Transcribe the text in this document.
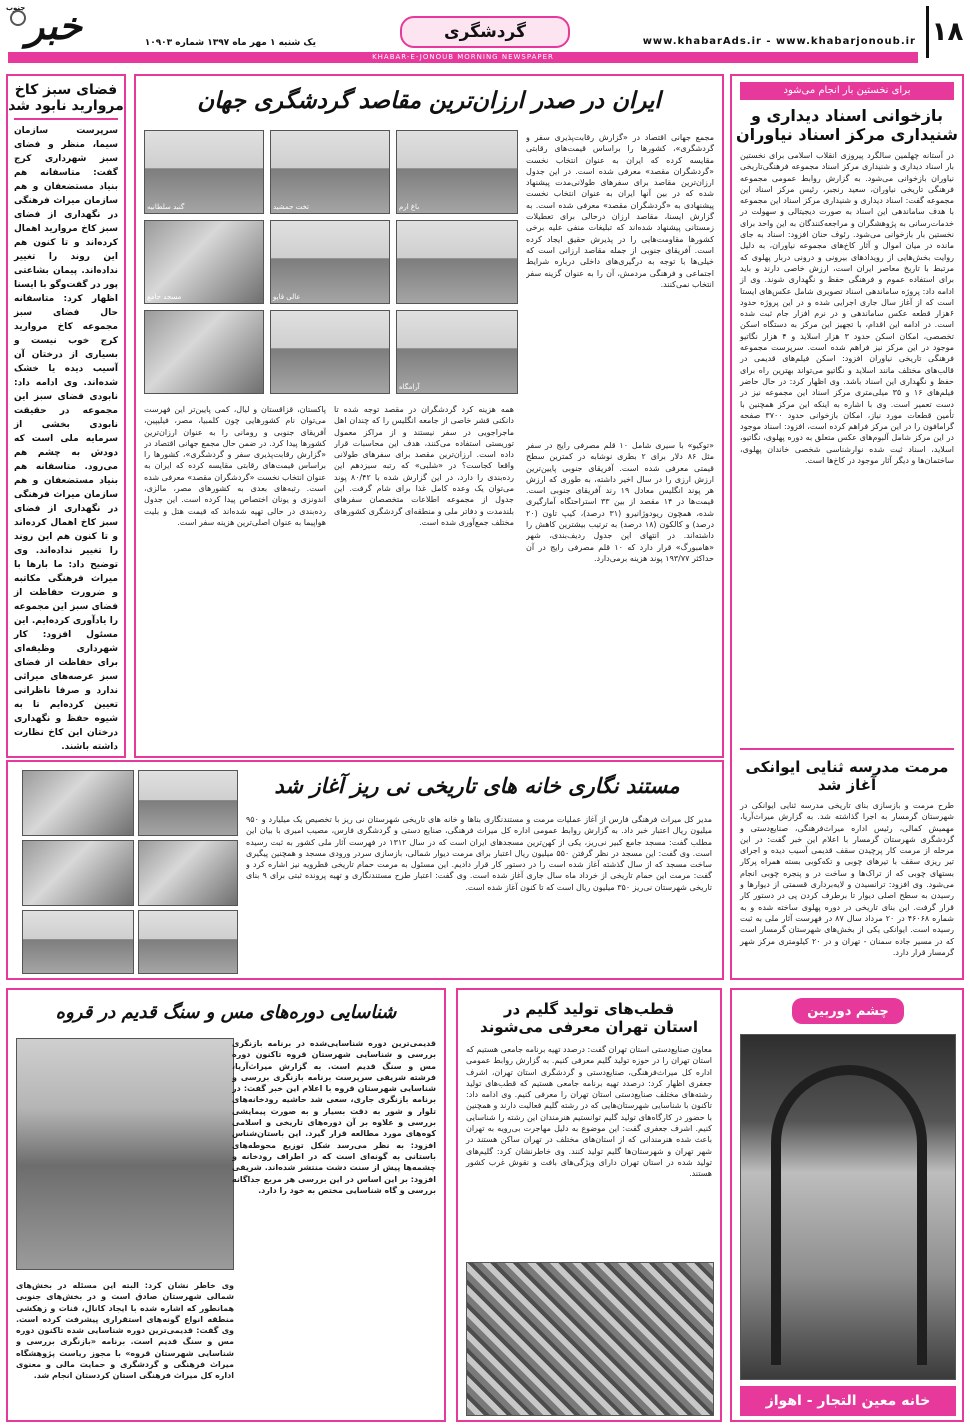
۱۸
www.khabarAds.ir - www.khabarjonoub.ir
گردشگری
KHABAR-E-JONOUB MORNING NEWSPAPER
یک شنبه ۱ مهر ماه ۱۳۹۷ شماره ۱۰۹۰۳
خبر
جنوب
فضای سبز کاخ
مروارید نابود شد
سرپرست سازمان سیما، منظر و فضای سبز شهرداری کرج گفت: متاسفانه هم بنیاد مستضعفان و هم سازمان میراث فرهنگی در نگهداری از فضای سبز کاخ مروارید اهمال کرده‌اند و تا کنون هم این روند را تغییر نداده‌اند. پیمان بشاعتی پور در گفت‌وگو با ایسنا اظهار کرد: متاسفانه حال فضای سبز مجموعه کاخ مروارید کرج خوب نیست و بسیاری از درختان آن آسیب دیده یا خشک شده‌اند. وی ادامه داد: نابودی فضای سبز این مجموعه در حقیقت نابودی بخشی از سرمایه ملی است که دودش به چشم هم می‌رود. متاسفانه هم بنیاد مستضعفان و هم سازمان میراث فرهنگی در نگهداری از فضای سبز کاخ اهمال کرده‌اند و تا کنون هم این روند را تغییر نداده‌اند. وی توضیح داد: ما بارها با میراث فرهنگی مکاتبه و ضرورت حفاظت از فضای سبز این مجموعه را یادآوری کرده‌ایم. این مسئول افزود: کار شهرداری وظیفه‌ای برای حفاظت از فضای سبز عرصه‌های میراثی ندارد و صرفا ناظرانی تعیین کرده‌ایم تا به شیوه حفظ و نگهداری درختان این کاخ نظارت داشته باشند.
ایران در صدر ارزان‌ترین مقاصد گردشگری جهان
گنبد سلطانیه	تخت جمشید	باغ ارم
مسجد جامع	عالی قاپو
آرامگاه
مجمع جهانی اقتصاد در «گزارش رقابت‌پذیری سفر و گردشگری»، کشورها را براساس قیمت‌های رقابتی مقایسه کرده که ایران به عنوان انتخاب نخست «گردشگران مقصد» معرفی شده است. در این جدول ارزان‌ترین مقاصد برای سفرهای طولانی‌مدت پیشنهاد شده که در بین آنها ایران به عنوان انتخاب نخست پیشنهادی به «گردشگران مقصد» معرفی شده است. به گزارش ایسنا، مقاصد ارزان درحالی برای تعطیلات زمستانی پیشنهاد شده‌اند که تبلیغات منفی علیه برخی کشورها مقاومت‌هایی را در پذیرش حقیق ایجاد کرده است. آفریقای جنوبی از جمله مقاصد ارزانی است که خیلی‌ها با توجه به درگیری‌های داخلی درباره شرایط اجتماعی و فرهنگی مردمش، آن را به عنوان گزینه سفر انتخاب نمی‌کنند.
«توکیو» با سیری شامل ۱۰ قلم مصرفی رایج در سفر مثل ۸۶ دلار برای ۲ بطری نوشابه در کمترین سطح قیمتی معرفی شده است. آفریقای جنوبی پایین‌ترین ارزش ارزی را در سال اخیر داشته، به طوری که ارزش هر پوند انگلیس معادل ۱۹ رند آفریقای جنوبی است. قیمت‌ها در ۱۴ مقصد از بین ۳۳ استراحتگاه آمارگیری شده، همچون ریودوژانیرو (۳۱ درصد)، کیپ تاون (۲۰ درصد) و کالکون (۱۸ درصد) به ترتیب بیشترین کاهش را داشته‌اند. در انتهای این جدول ردیف‌بندی، شهر «هامبورگ» قرار دارد که ۱۰ قلم مصرفی رایج در آن حداکثر ۱۹۳/۷۷ پوند هزینه برمی‌دارد.
همه هزینه کرد گردشگران در مقصد توجه شده تا دانکنی قشر خاصی از جامعه انگلیس را که چندان اهل ماجراجویی در سفر نیستند و از مراکز معمول توریستی استفاده می‌کنند، هدف این محاسبات قرار داده است. ارزان‌ترین مقصد برای سفرهای طولانی واقعا کجاست؟ در «شلبی» که رتبه سیزدهم این رده‌بندی را دارد، در این گزارش شده با ۸۰/۴۲ پوند می‌توان یک وعده کامل غذا برای شام گرفت. این جدول از مجموعه اطلاعات متخصصان سفرهای بلندمدت و دفاتر ملی و منطقه‌ای گردشگری کشورهای مختلف جمع‌آوری شده است.
پاکستان، قزاقستان و لیال، کمی پایین‌تر این فهرست می‌توان نام کشورهایی چون کلمبیا، مصر، فیلیپین، آفریقای جنوبی و رومانی را به عنوان ارزان‌ترین کشورها پیدا کرد. در ضمن حال مجمع جهانی اقتصاد در «گزارش رقابت‌پذیری سفر و گردشگری»، کشورها را براساس قیمت‌های رقابتی مقایسه کرده که ایران به عنوان انتخاب نخست «گردشگران مقصد» معرفی شده است. رتبه‌های بعدی به کشورهای مصر، مالزی، اندونزی و یونان اختصاص پیدا کرده است. این جدول رده‌بندی در حالی تهیه شده‌اند که قیمت هتل و بلیت هواپیما به عنوان اصلی‌ترین هزینه سفر است.
برای نخستین بار انجام می‌شود
بازخوانی اسناد دیداری و
شنیداری مرکز اسناد نیاوران
در آستانه چهلمین سالگرد پیروزی انقلاب اسلامی برای نخستین بار اسناد دیداری و شنیداری مرکز اسناد مجموعه فرهنگی‌تاریخی نیاوران بازخوانی می‌شود. به گزارش روابط عمومی مجموعه فرهنگی تاریخی نیاوران، سعید رنجبر، رئیس مرکز اسناد این مجموعه گفت: اسناد دیداری و شنیداری مرکز اسناد این مجموعه با هدف ساماندهی این اسناد به صورت دیجیتالی و سهولت در خدمات‌رسانی به پژوهشگران و مراجعه‌کنندگان به این واحد برای نخستین بار بازخوانی می‌شود. رئوف حنان افزود: اسناد به جای مانده در میان اموال و آثار کاخ‌های مجموعه نیاوران، به دلیل روایت بخش‌هایی از رویدادهای بیرونی و درونی دربار پهلوی که مرتبط با تاریخ معاصر ایران است، ارزش خاصی دارند و باید برای استفاده عموم و فرهنگی حفظ و نگهداری شوند. وی از ادامه داد: پروژه ساماندهی اسناد تصویری شامل عکس‌های ایستا است که از آغاز سال جاری اجرایی شده و در این پروژه حدود ۶هزار قطعه عکس ساماندهی و در نرم افزار جام ثبت شده است. در ادامه این اقدام، با تجهیز این مرکز به دستگاه اسکن تخصصی، امکان اسکن حدود ۳ هزار اسلاید و ۴ هزار نگاتیو موجود در این مرکز نیز فراهم شده است. سرپرست مجموعه فرهنگی تاریخی نیاوران افزود: اسکن فیلم‌های قدیمی در قالب‌های مختلف مانند اسلاید و نگاتیو می‌تواند بهترین راه برای حفظ و نگهداری این اسناد باشد. وی اظهار کرد: در حال حاضر فیلم‌های ۱۶ و ۳۵ میلی‌متری مرکز اسناد این مجموعه نیز در دست تعمیر است. وی با اشاره به اینکه این مرکز همچنین با تأمین قطعات مورد نیاز، امکان بازخوانی حدود ۳۷۰۰ صفحه گرامافون را در این مرکز فراهم کرده است، افزود: اسناد موجود در این مرکز شامل آلبوم‌های عکس متعلق به دوره پهلوی، نگاتیو، اسلاید، اسناد ثبت شده نوارشناسی شخصی خاندان پهلوی، ساختمان‌ها و دیگر آثار موجود در کاخ‌ها است.
مرمت مدرسه ثنایی ایوانکی
آغاز شد
طرح مرمت و بازسازی بنای تاریخی مدرسه ثنایی ایوانکی در شهرستان گرمسار به اجرا گذاشته شد. به گزارش میراث‌آریا، مهمیش کمالی، رئیس اداره میراث‌فرهنگی، صنایع‌دستی و گردشگری شهرستان گرمسار با اعلام این خبر گفت: در این مرحله از مرمت کار پرچیدن سقف قدیمی آسیب دیده و اجرای تیر ریزی سقف با تیرهای چوبی و تکه‌کوبی بسته همراه پرکار بستهای چوبی که از تراک‌ها و ساخت در و پنجره چوبی انجام می‌شود. وی افزود: ترانسیدن و لایه‌برداری قسمتی از دیوارها و رسیدن به سطح اصلی دیوار تا برطرف کردن پی در دستور کار قرار گرفت. این بنای تاریخی در دوره پهلوی ساخته شده و به شماره ۴۶۰۶۸ در ۲۰ مرداد سال ۸۷ در فهرست آثار ملی به ثبت رسیده است. ایوانکی یکی از بخش‌های شهرستان گرمسار است که در مسیر جاده سمنان - تهران و در ۲۰ کیلومتری مرکز شهر گرمسار قرار دارد.
مستند نگاری خانه های تاریخی نی ریز آغاز شد
مدیر کل میراث فرهنگی فارس از آغاز عملیات مرمت و مستندنگاری بناها و خانه های تاریخی شهرستان نی ریز با تخصیص یک میلیارد و ۹۵۰ میلیون ریال اعتبار خبر داد. به گزارش روابط عمومی اداره کل میراث فرهنگی، صنایع دستی و گردشگری فارس، مصیب امیری با بیان این مطلب گفت: مسجد جامع کبیر نی‌ریز، یکی از کهن‌ترین مسجدهای ایران است که در سال ۱۳۱۲ در فهرست آثار ملی کشور به ثبت رسیده است. وی گفت: این مسجد در نظر گرفتن ۵۵۰ میلیون ریال اعتبار برای مرمت دیوار شمالی، بازسازی سردر ورودی مسجد و همچنین پیگیری ساخت مسجد که از سال گذشته آغاز شده است را در دستور کار قرار دادیم. این مسئول به مرمت حمام تاریخی قطرویه نیز اشاره کرد و گفت: مرمت این حمام تاریخی از خرداد ماه سال جاری آغاز شده است. وی گفت: اعتبار طرح مستندنگاری و تهیه پرونده ثبتی برای ۹ بنای تاریخی شهرستان نی‌ریز ۳۵۰ میلیون ریال است که تا کنون آغاز شده است.
شناسایی دوره‌های مس و سنگ قدیم در قروه
قدیمی‌ترین دوره شناسایی‌شده در برنامه بازنگری بررسی و شناسایی شهرستان قروه تاکنون دوره مس و سنگ قدیم است. به گزارش میراث‌آریا، فرشته شریفی سرپرست برنامه بازنگری بررسی و شناسایی شهرستان قروه با اعلام این خبر گفت: در برنامه بازنگری جاری، سعی شد حاشیه رودخانه‌های تلوار و شور به دقت بسیار و به صورت پیمایشی بررسی و علاوه بر آن دوره‌های تاریخی و اسلامی کوه‌های مورد مطالعه قرار گیرد. این باستان‌شناس افزود: به نظر می‌رسد شکل توزیع محوطه‌های باستانی به گونه‌ای است که در اطراف رودخانه و چشمه‌ها پیش از سنت دشت منتشر شده‌اند. شریفی افزود: بر این اساس در این بررسی هر مربع جداگانه بررسی و گاه شناسایی مختص به خود را دارد.
وی خاطر نشان کرد: البته این مسئله در بخش‌های شمالی شهرستان صادق است و در بخش‌های جنوبی همانطور که اشاره شده با ایجاد کانال، قنات و زهکشی منطقه انواع گونه‌های استقراری پیشرفت کرده است. وی گفت: قدیمی‌ترین دوره شناسایی شده تاکنون دوره مس و سنگ قدیم است. برنامه «بازنگری بررسی و شناسایی شهرستان قروه» با مجوز ریاست پژوهشگاه میراث فرهنگی و گردشگری و حمایت مالی و معنوی اداره کل میراث فرهنگی استان کردستان انجام شد.
قطب‌های تولید گلیم در
استان تهران معرفی می‌شوند
معاون صنایع‌دستی استان تهران گفت: درصدد تهیه برنامه جامعی هستیم که استان تهران را در حوزه تولید گلیم معرفی کنیم. به گزارش روابط عمومی اداره کل میراث‌فرهنگی، صنایع‌دستی و گردشگری استان تهران، اشرف جعفری اظهار کرد: درصدد تهیه برنامه جامعی هستیم که قطب‌های تولید رشته‌های مختلف صنایع‌دستی استان تهران را معرفی کنیم. وی ادامه داد: تاکنون با شناسایی شهرستان‌هایی که در رشته گلیم فعالیت دارند و همچنین با حضور در کارگاه‌های تولید گلیم توانستیم هنرمندان این رشته را شناسایی کنیم. اشرف جعفری گفت: این موضوع به دلیل مهاجرت بی‌رویه به تهران باعث شده هنرمندانی که از استان‌های مختلف در تهران ساکن هستند در شهر تهران و شهرستان‌ها گلیم تولید کنند. وی خاطرنشان کرد: گلیم‌های تولید شده در استان تهران دارای ویژگی‌های بافت و نقوش غرب کشور هستند.
چشم دوربین
خانه معین التجار - اهواز
